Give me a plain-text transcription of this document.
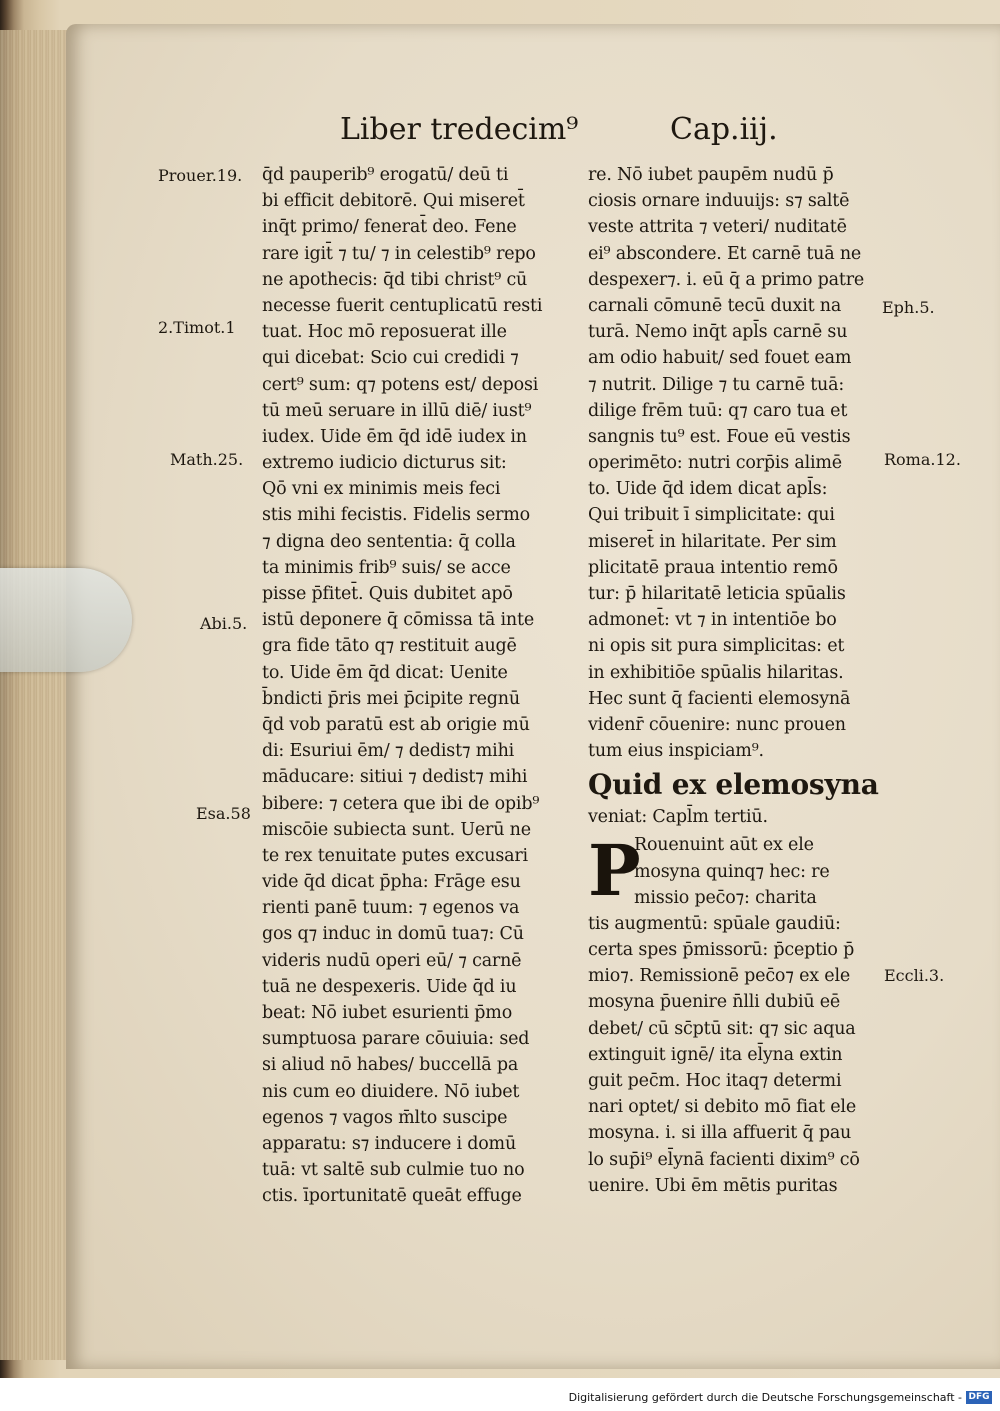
Liber tredecim⁹	Cap.iij.
Prouer.19.
2.Timot.1
Math.25.
Abi.5.
Esa.58
Eph.5.
Roma.12.
Eccli.3.
q̄d pauperib⁹ erogatū/ deū ti
bi efficit debitorē. Qui miseret̄
inq̄t primo/ fenerat̄ deo. Fene
rare igit̄ ⁊ tu/ ⁊ in celestib⁹ repo
ne apothecis: q̄d tibi christ⁹ cū
necesse fuerit centuplicatū resti
tuat. Hoc mō reposuerat ille
qui dicebat: Scio cui credidi ⁊
cert⁹ sum: q⁊ potens est/ deposi
tū meū seruare in illū diē/ iust⁹
iudex. Uide ēm q̄d idē iudex in
extremo iudicio dicturus sit:
Qō vni ex minimis meis feci
stis mihi fecistis. Fidelis sermo
⁊ digna deo sententia: q̄ colla
ta minimis frib⁹ suis/ se acce
pisse p̄fitet̄. Quis dubitet apō
istū deponere q̄ cōmissa tā inte
gra fide tāto q⁊ restituit augē
to. Uide ēm q̄d dicat: Uenite
b̄ndicti p̄ris mei p̄cipite regnū
q̄d vob paratū est ab origie mū
di: Esuriui ēm/ ⁊ dedist⁊ mihi
māducare: sitiui ⁊ dedist⁊ mihi
bibere: ⁊ cetera que ibi de opib⁹
miscōie subiecta sunt. Uerū ne
te rex tenuitate putes excusari
vide q̄d dicat p̄pha: Frāge esu
rienti panē tuum: ⁊ egenos va
gos q⁊ induc in domū tua⁊: Cū
videris nudū operi eū/ ⁊ carnē
tuā ne despexeris. Uide q̄d iu
beat: Nō iubet esurienti p̄mo
sumptuosa parare cōuiuia: sed
si aliud nō habes/ buccellā pa
nis cum eo diuidere. Nō iubet
egenos ⁊ vagos m̄lto suscipe
apparatu: s⁊ inducere i domū
tuā: vt saltē sub culmie tuo no
ctis. īportunitatē queāt effuge
re. Nō iubet paupēm nudū p̄
ciosis ornare induuijs: s⁊ saltē
veste attrita ⁊ veteri/ nuditatē
ei⁹ abscondere. Et carnē tuā ne
despexer⁊. i. eū q̄ a primo patre
carnali cōmunē tecū duxit na
turā. Nemo inq̄t apl̄s carnē su
am odio habuit/ sed fouet eam
⁊ nutrit. Dilige ⁊ tu carnē tuā:
dilige frēm tuū: q⁊ caro tua et
sangnis tu⁹ est. Foue eū vestis
operimēto: nutri corp̄is alimē
to. Uide q̄d idem dicat apl̄s:
Qui tribuit ī simplicitate: qui
miseret̄ in hilaritate. Per sim
plicitatē praua intentio remō
tur: p̄ hilaritatē leticia spūalis
admonet̄: vt ⁊ in intentiōe bo
ni opis sit pura simplicitas: et
in exhibitiōe spūalis hilaritas.
Hec sunt q̄ facienti elemosynā
videnr̄ cōuenire: nunc prouen
tum eius inspiciam⁹.
Quid ex elemosyna
veniat: Capl̄m tertiū.
P
Rouenuint aūt ex ele
mosyna quinq⁊ hec: re
missio pec̄o⁊: charita
tis augmentū: spūale gaudiū:
certa spes p̄missorū: p̄ceptio p̄
mio⁊. Remissionē pec̄o⁊ ex ele
mosyna p̄uenire n̄lli dubiū eē
debet/ cū sc̄ptū sit: q⁊ sic aqua
extinguit ignē/ ita el̄yna extin
guit pec̄m. Hoc itaq⁊ determi
nari optet/ si debito mō fiat ele
mosyna. i. si illa affuerit q̄ pau
lo sup̄i⁹ el̄ynā facienti dixim⁹ cō
uenire. Ubi ēm mētis puritas
Digitalisierung gefördert durch die Deutsche Forschungsgemeinschaft - DFG
